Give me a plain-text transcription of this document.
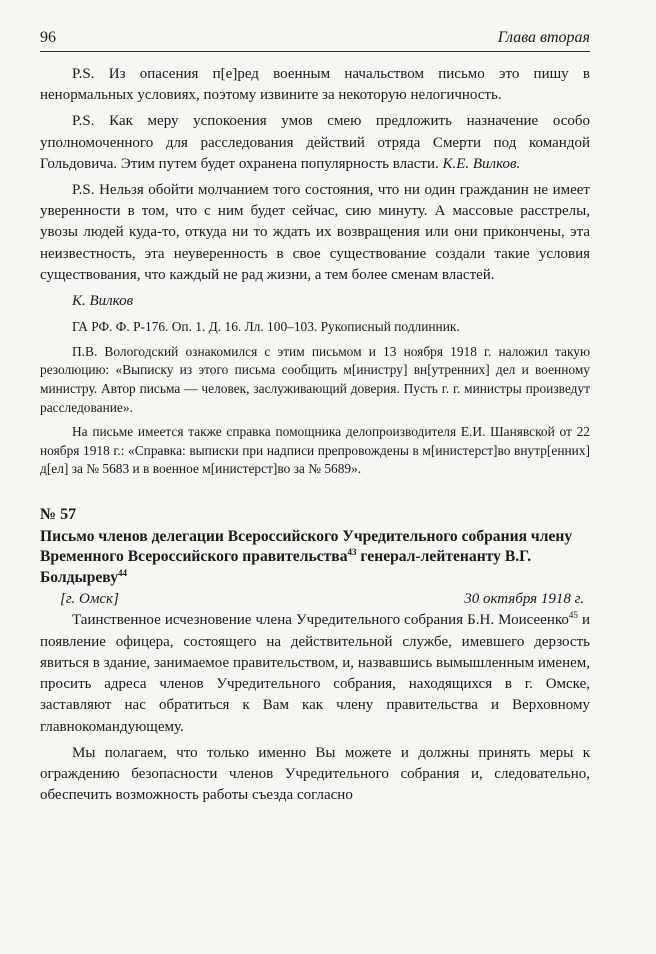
96	Глава вторая

P.S. Из опасения п[е]ред военным начальством письмо это пишу в ненормальных условиях, поэтому извините за некоторую нелогичность.

P.S. Как меру успокоения умов смею предложить назначение особо уполномоченного для расследования действий отряда Смерти под командой Гольдовича. Этим путем будет охранена популярность власти. К.Е. Вилков.

P.S. Нельзя обойти молчанием того состояния, что ни один гражданин не имеет уверенности в том, что с ним будет сейчас, сию минуту. А массовые расстрелы, увозы людей куда-то, откуда ни то ждать их возвращения или они прикончены, эта неизвестность, эта неуверенность в свое существование создали такие условия существования, что каждый не рад жизни, а тем более сменам властей.

К. Вилков

ГА РФ. Ф. Р-176. Оп. 1. Д. 16. Лл. 100–103. Рукописный подлинник.

П.В. Вологодский ознакомился с этим письмом и 13 ноября 1918 г. наложил такую резолюцию: «Выписку из этого письма сообщить м[инистру] вн[утренних] дел и военному министру. Автор письма — человек, заслуживающий доверия. Пусть г. г. министры произведут расследование».

На письме имеется также справка помощника делопроизводителя Е.И. Шанявской от 22 ноября 1918 г.: «Справка: выписки при надписи препровождены в м[инистерст]во внутр[енних] д[ел] за № 5683 и в военное м[инистерст]во за № 5689».

№ 57
Письмо членов делегации Всероссийского Учредительного собрания члену Временного Всероссийского правительства$^{43}$ генерал-лейтенанту В.Г. Болдыреву$^{44}$
[г. Омск]	30 октября 1918 г.

Таинственное исчезновение члена Учредительного собрания Б.Н. Моисеенко$^{45}$ и появление офицера, состоящего на действительной службе, имевшего дерзость явиться в здание, занимаемое правительством, и, назвавшись вымышленным именем, просить адреса членов Учредительного собрания, находящихся в г. Омске, заставляют нас обратиться к Вам как члену правительства и Верховному главнокомандующему.

Мы полагаем, что только именно Вы можете и должны принять меры к ограждению безопасности членов Учредительного собрания и, следовательно, обеспечить возможность работы съезда согласно
